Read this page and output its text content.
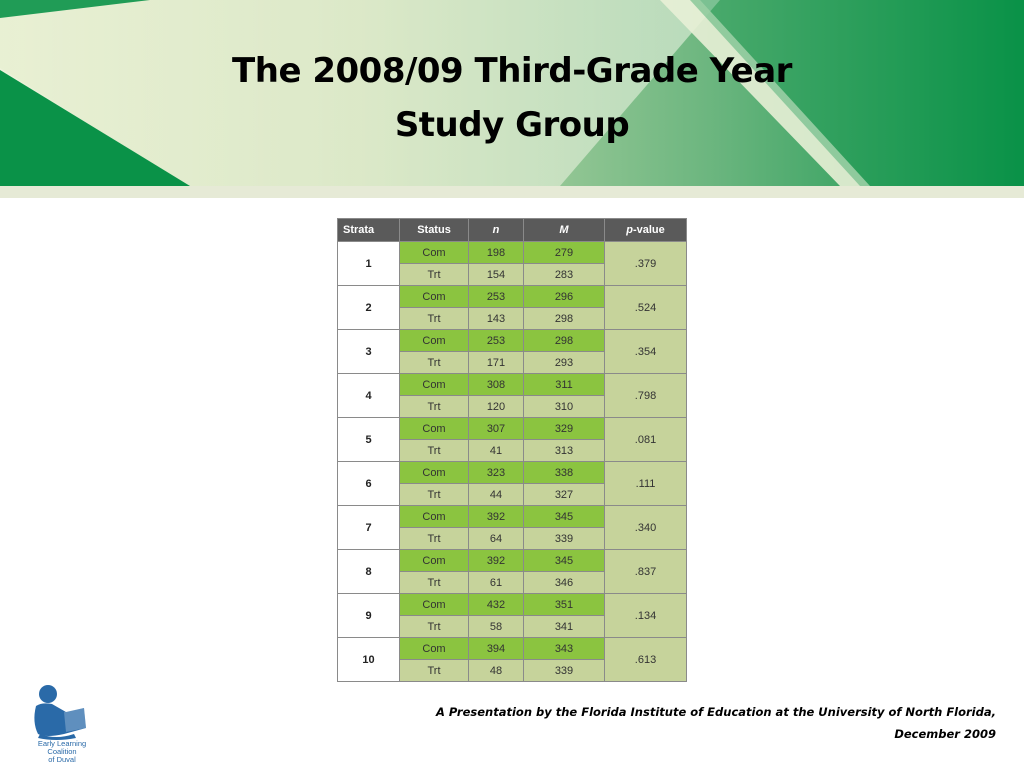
The 2008/09 Third-Grade Year
Study Group
Strata	Status	n	M	p-value
1	Com	198	279	.379
	Trt	154	283	
2	Com	253	296	.524
	Trt	143	298	
3	Com	253	298	.354
	Trt	171	293	
4	Com	308	311	.798
	Trt	120	310	
5	Com	307	329	.081
	Trt	41	313	
6	Com	323	338	.111
	Trt	44	327	
7	Com	392	345	.340
	Trt	64	339	
8	Com	392	345	.837
	Trt	61	346	
9	Com	432	351	.134
	Trt	58	341	
10	Com	394	343	.613
	Trt	48	339	
Early Learning Coalition
of Duval
A Presentation by the Florida Institute of Education at the University of North Florida,
December 2009
